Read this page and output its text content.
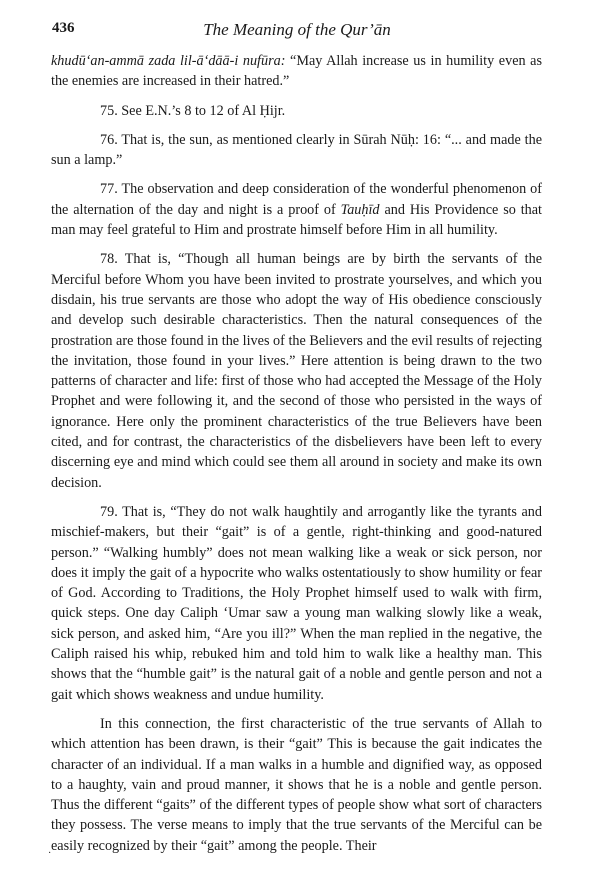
436	The Meaning of the Qur’ān

khudū‘an-ammā zada lil-ā‘dāā-i nufūra: “May Allah increase us in humility even as the enemies are increased in their hatred.”

75. See E.N.’s 8 to 12 of Al Ḥijr.

76. That is, the sun, as mentioned clearly in Sūrah Nūḥ: 16: “... and made the sun a lamp.”

77. The observation and deep consideration of the wonderful phenomenon of the alternation of the day and night is a proof of Tauḥīd and His Providence so that man may feel grateful to Him and prostrate himself before Him in all humility.

78. That is, “Though all human beings are by birth the servants of the Merciful before Whom you have been invited to prostrate yourselves, and which you disdain, his true servants are those who adopt the way of His obedience consciously and develop such desirable characteristics. Then the natural consequences of the prostration are those found in the lives of the Believers and the evil results of rejecting the invitation, those found in your lives.” Here attention is being drawn to the two patterns of character and life: first of those who had accepted the Message of the Holy Prophet and were following it, and the second of those who persisted in the ways of ignorance. Here only the prominent characteristics of the true Believers have been cited, and for contrast, the characteristics of the disbelievers have been left to every discerning eye and mind which could see them all around in society and make its own decision.

79. That is, “They do not walk haughtily and arrogantly like the tyrants and mischief-makers, but their “gait” is of a gentle, right-thinking and good-natured person.” “Walking humbly” does not mean walking like a weak or sick person, nor does it imply the gait of a hypocrite who walks ostentatiously to show humility or fear of God. According to Traditions, the Holy Prophet himself used to walk with firm, quick steps. One day Caliph ‘Umar saw a young man walking slowly like a weak, sick person, and asked him, “Are you ill?” When the man replied in the negative, the Caliph raised his whip, rebuked him and told him to walk like a healthy man. This shows that the “humble gait” is the natural gait of a noble and gentle person and not a gait which shows weakness and undue humility.

In this connection, the first characteristic of the true servants of Allah to which attention has been drawn, is their “gait” This is because the gait indicates the character of an individual. If a man walks in a humble and dignified way, as opposed to a haughty, vain and proud manner, it shows that he is a noble and gentle person. Thus the different “gaits” of the different types of people show what sort of characters they possess. The verse means to imply that the true servants of the Merciful can be easily recognized by their “gait” among the people. Their

·
